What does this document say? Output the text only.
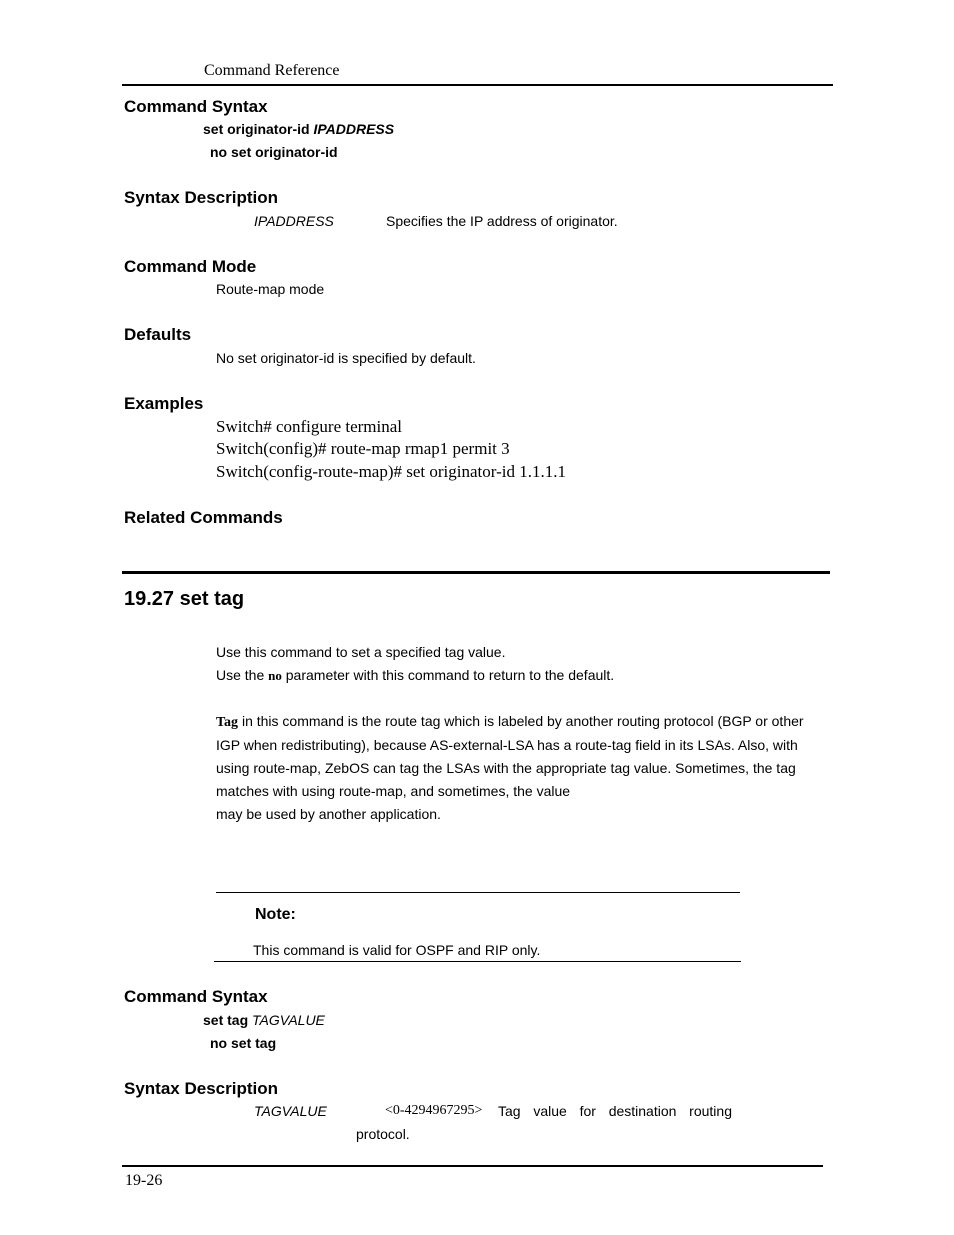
Command Reference
Command Syntax
set originator-id IPADDRESS
no set originator-id
Syntax Description
IPADDRESS	Specifies the IP address of originator.
Command Mode
Route-map mode
Defaults
No set originator-id is specified by default.
Examples
Switch# configure terminal
Switch(config)# route-map rmap1 permit 3
Switch(config-route-map)# set originator-id 1.1.1.1
Related Commands
19.27 set tag
Use this command to set a specified tag value.
Use the no parameter with this command to return to the default.
Tag in this command is the route tag which is labeled by another routing protocol (BGP or other
IGP when redistributing), because AS-external-LSA has a route-tag field in its LSAs. Also, with
using route-map, ZebOS can tag the LSAs with the appropriate tag value. Sometimes, the tag
matches with using route-map, and sometimes, the value
may be used by another application.
Note:
This command is valid for OSPF and RIP only.
Command Syntax
set tag TAGVALUE
no set tag
Syntax Description
TAGVALUE	<0-4294967295> Tag value for destination routing
protocol.
19-26
